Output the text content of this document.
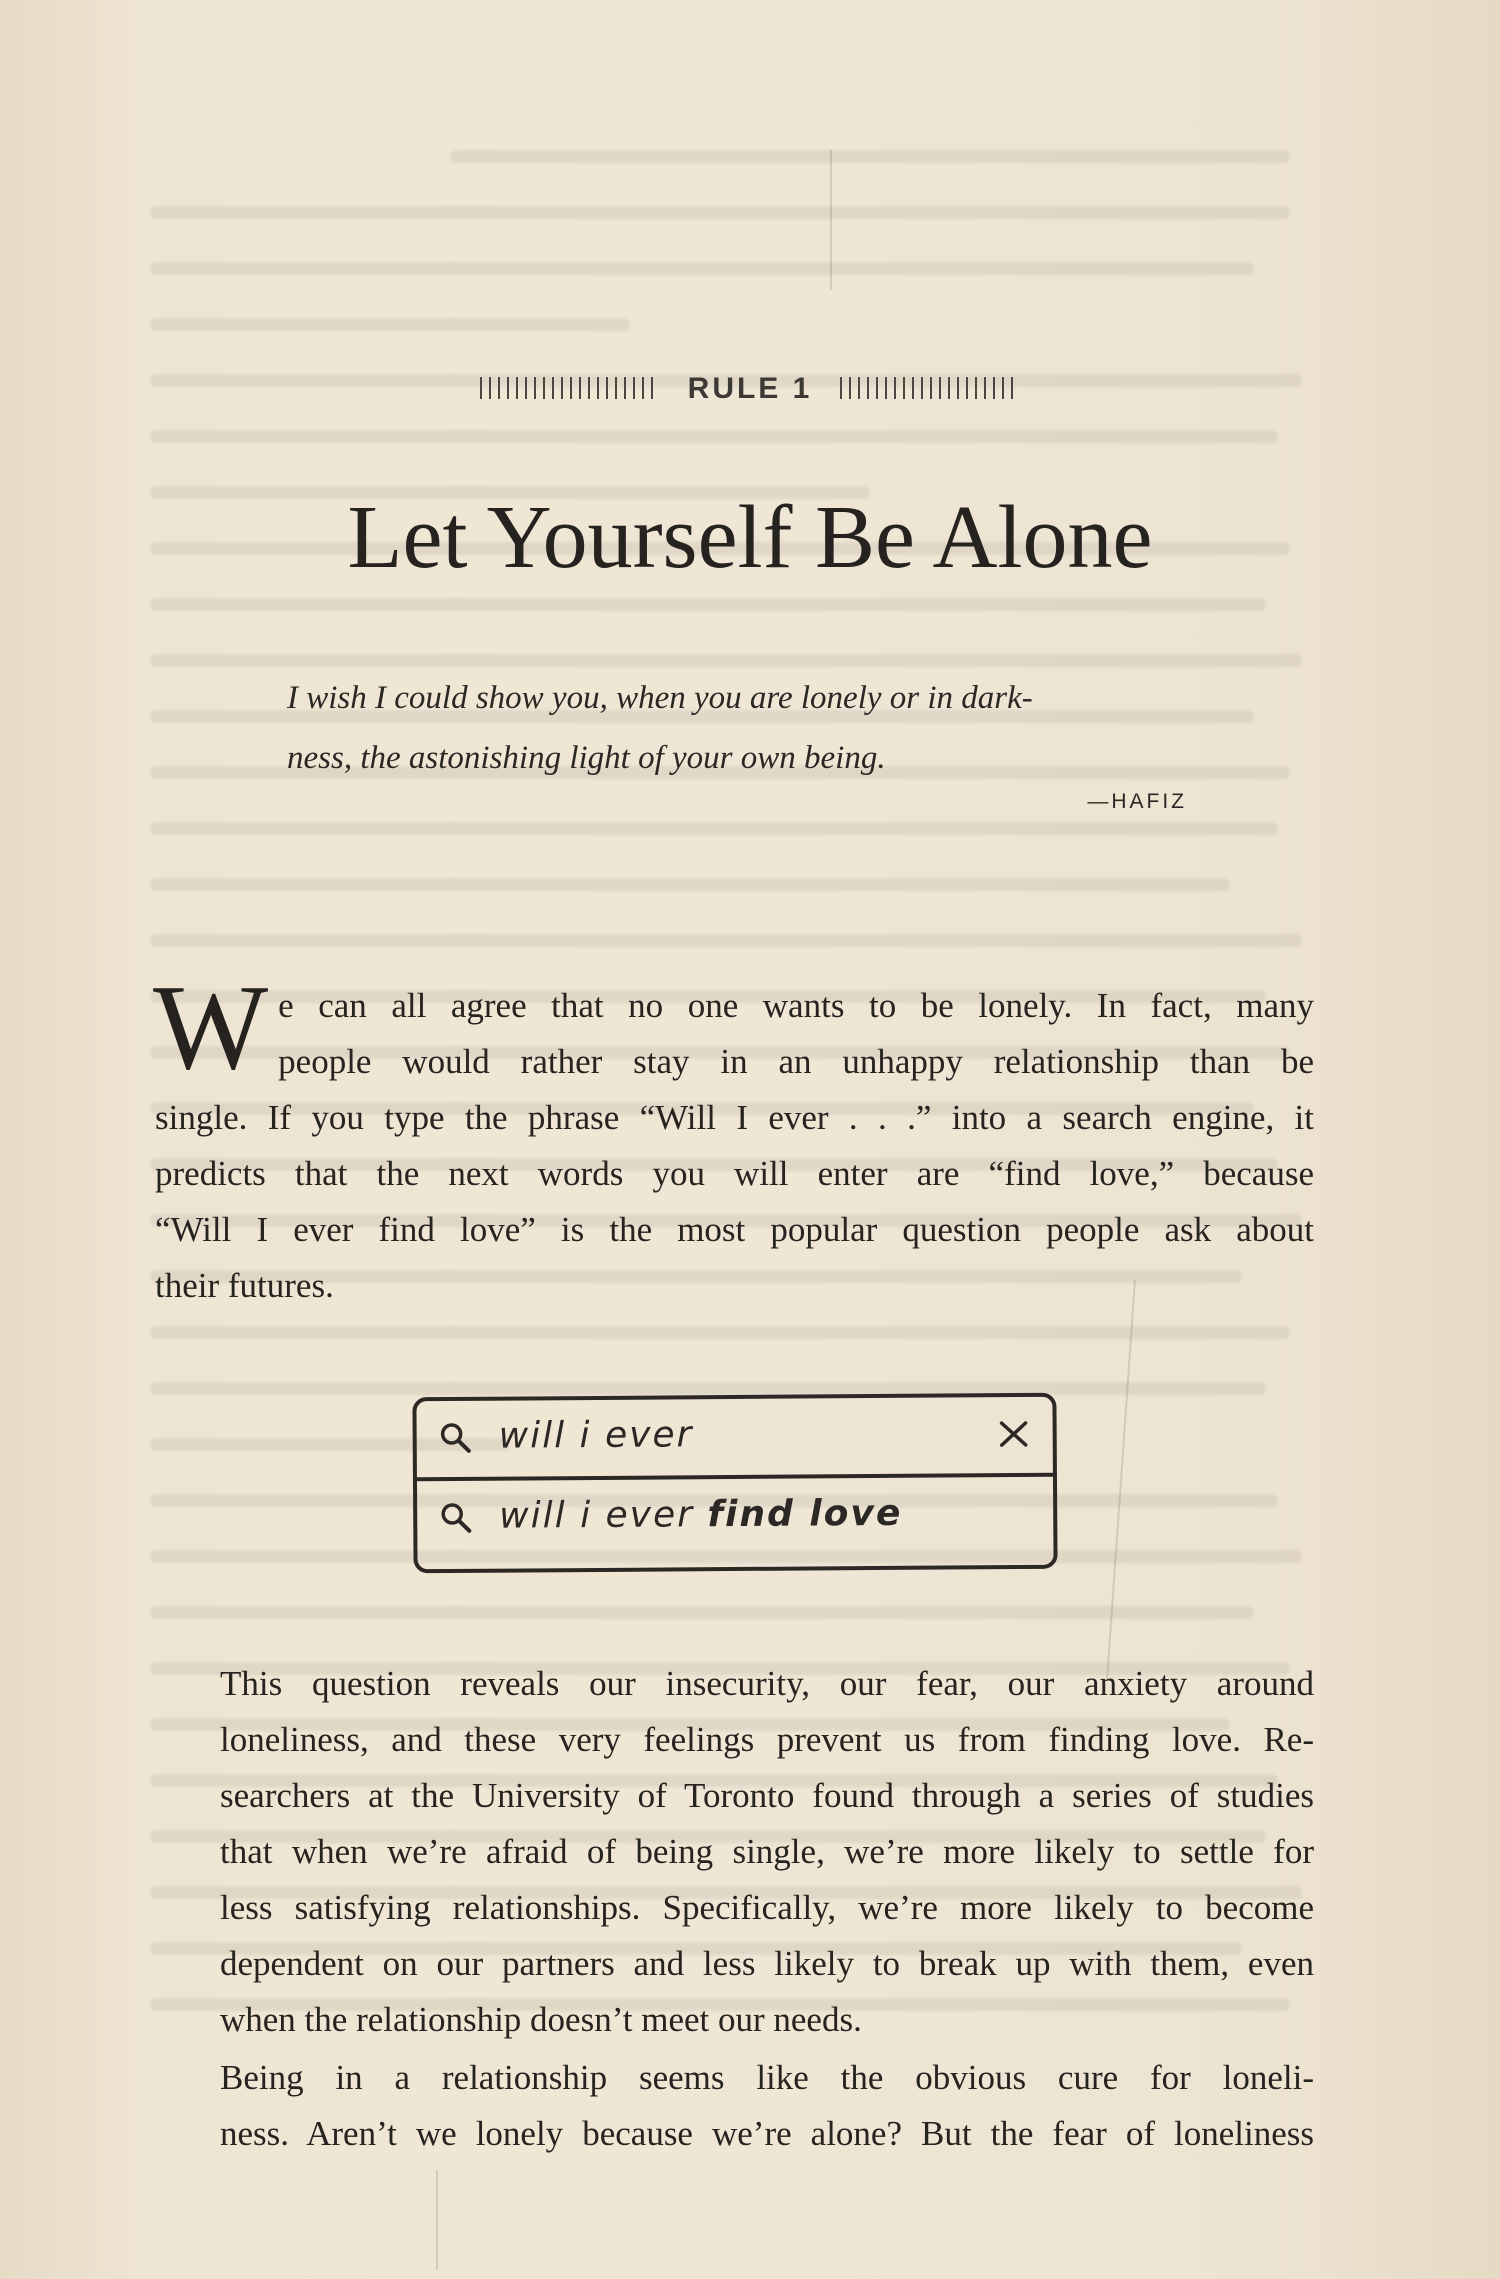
RULE 1
Let Yourself Be Alone
I wish I could show you, when you are lonely or in dark-
ness, the astonishing light of your own being.
—HAFIZ
W e can all agree that no one wants to be lonely. In fact, many
people would rather stay in an unhappy relationship than be
single. If you type the phrase “Will I ever . . .” into a search engine, it
predicts that the next words you will enter are “find love,” because
“Will I ever find love” is the most popular question people ask about
their futures.
will i ever
will i ever find love
This question reveals our insecurity, our fear, our anxiety around
loneliness, and these very feelings prevent us from finding love. Re-
searchers at the University of Toronto found through a series of studies
that when we’re afraid of being single, we’re more likely to settle for
less satisfying relationships. Specifically, we’re more likely to become
dependent on our partners and less likely to break up with them, even
when the relationship doesn’t meet our needs.
Being in a relationship seems like the obvious cure for loneli-
ness. Aren’t we lonely because we’re alone? But the fear of loneliness
